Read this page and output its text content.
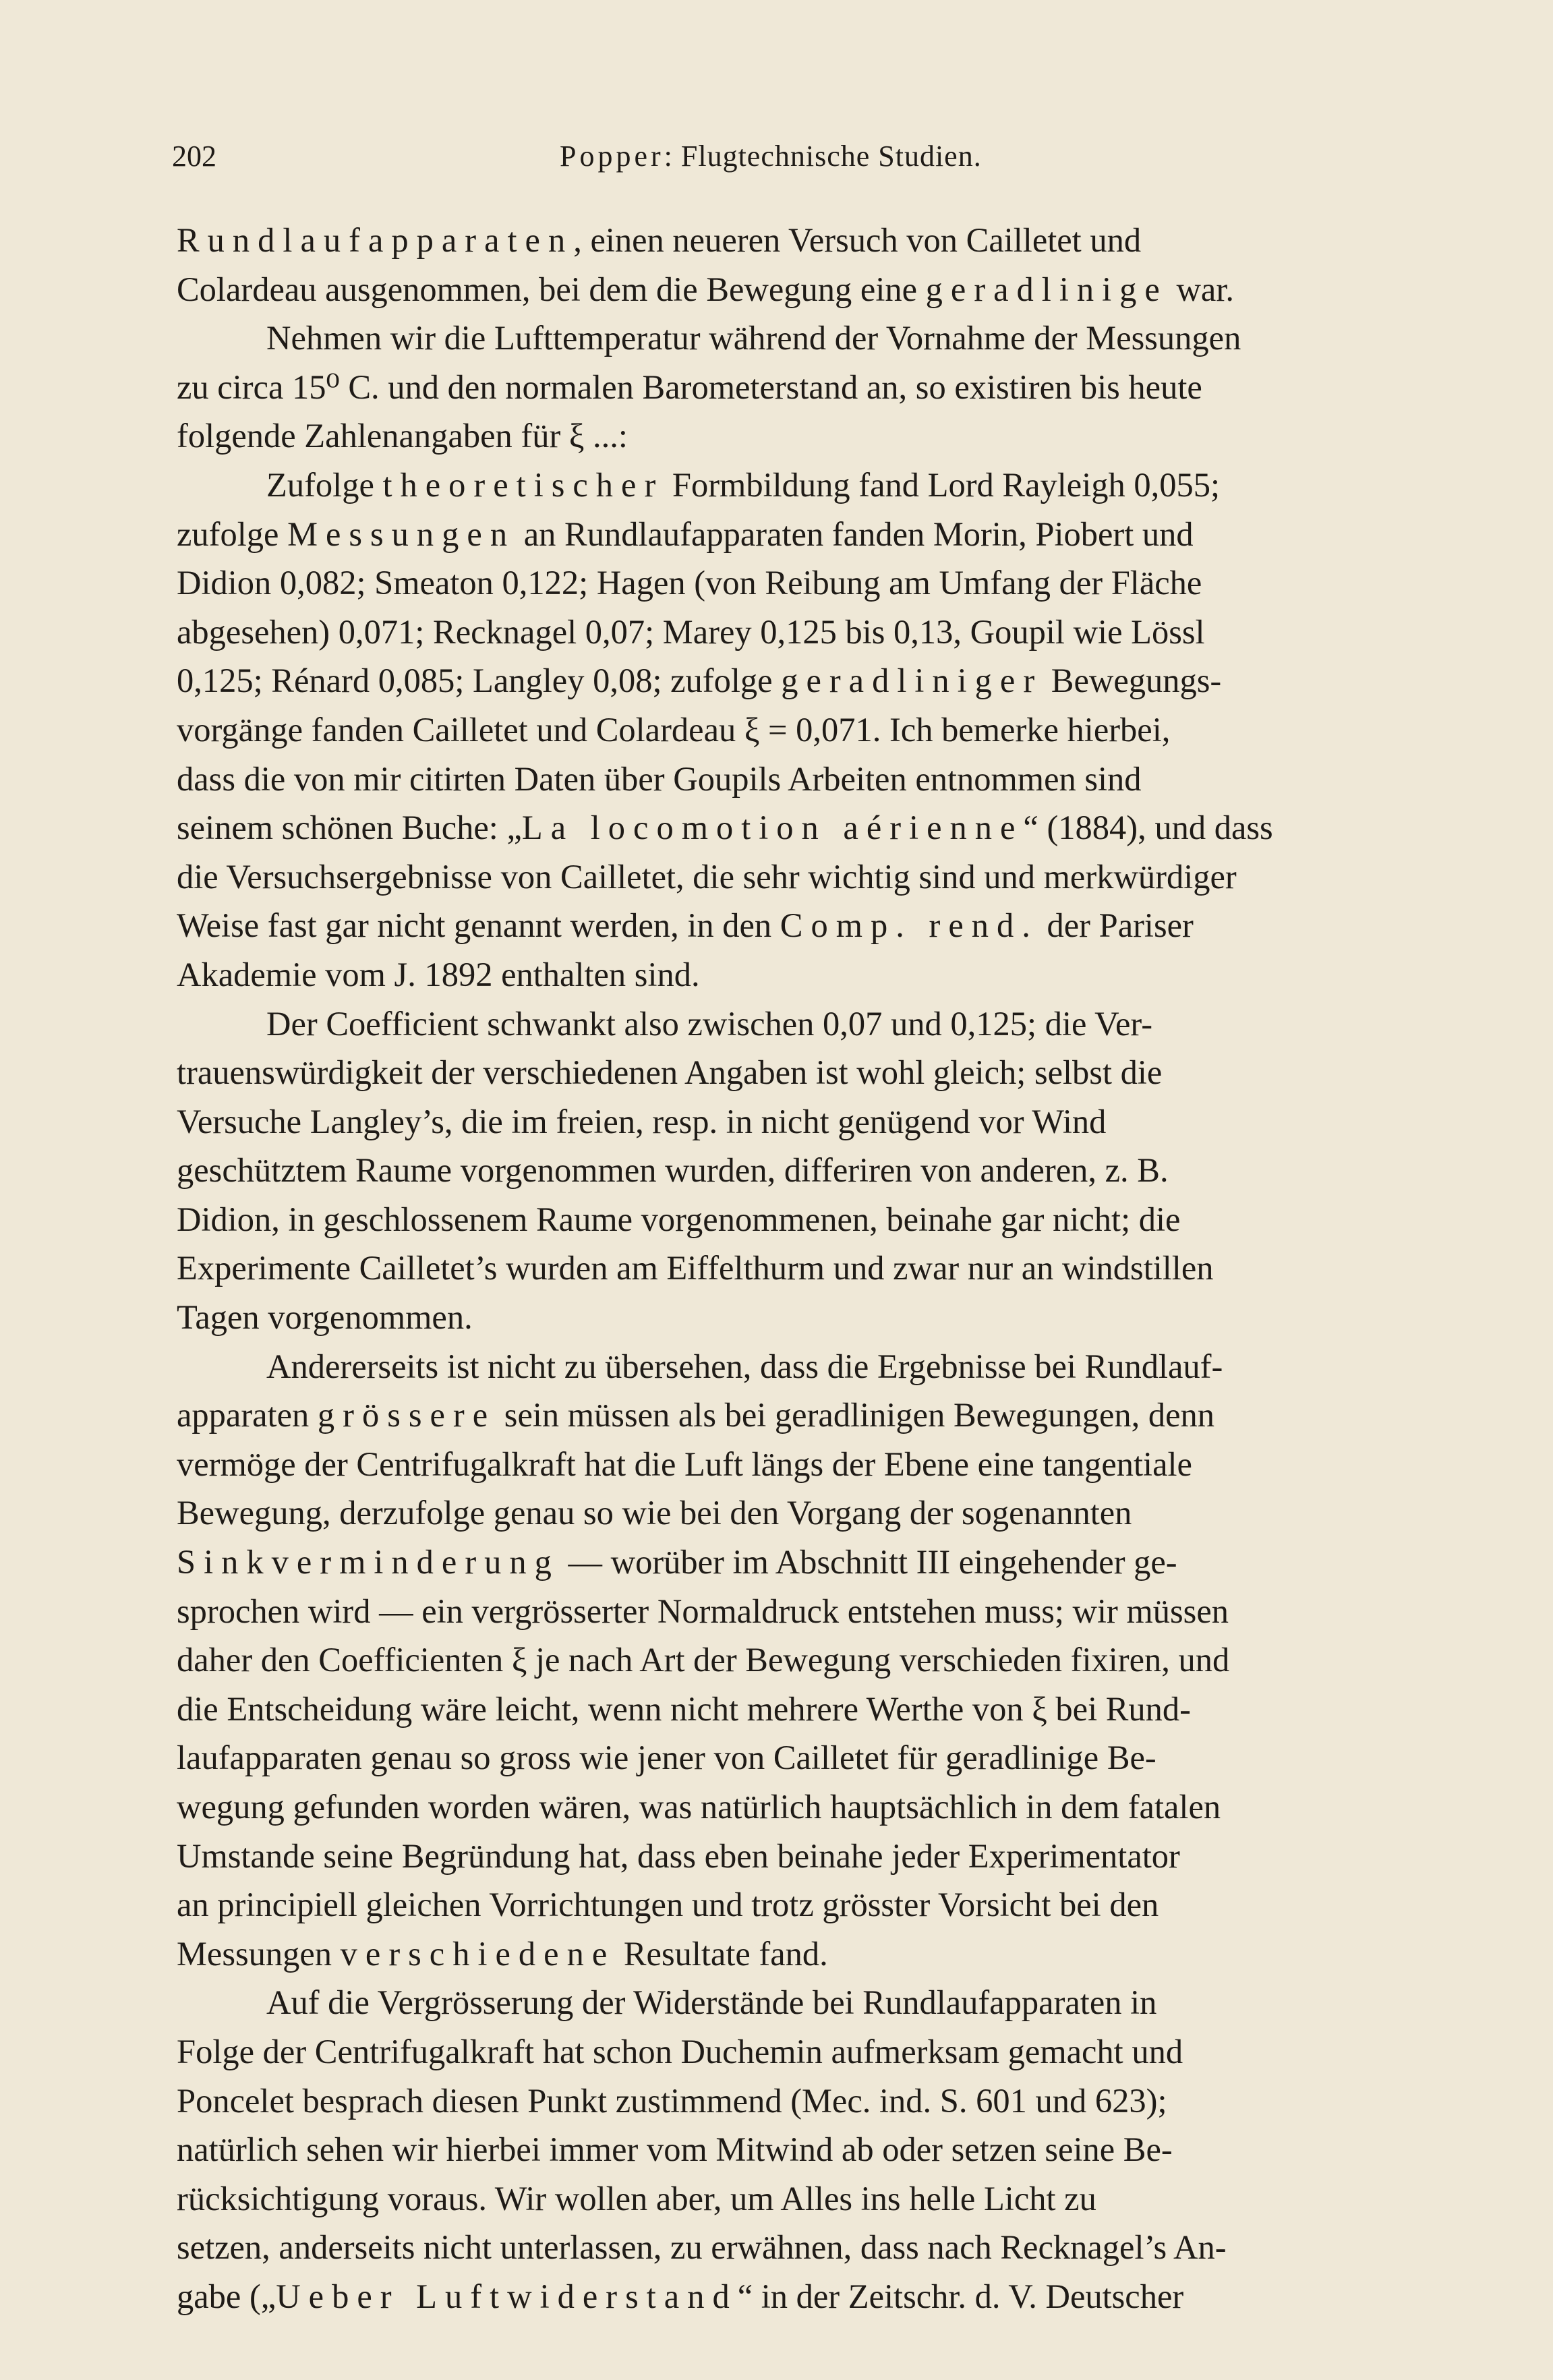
202	Popper: Flugtechnische Studien.

Rundlaufapparaten, einen neueren Versuch von Cailletet und
Colardeau ausgenommen, bei dem die Bewegung eine geradlinige war.

Nehmen wir die Lufttemperatur während der Vornahme der Messungen
zu circa 15⁰ C. und den normalen Barometerstand an, so existiren bis heute
folgende Zahlenangaben für ξ ...:

Zufolge theoretischer Formbildung fand Lord Rayleigh 0,055;
zufolge Messungen an Rundlaufapparaten fanden Morin, Piobert und
Didion 0,082; Smeaton 0,122; Hagen (von Reibung am Umfang der Fläche
abgesehen) 0,071; Recknagel 0,07; Marey 0,125 bis 0,13, Goupil wie Lössl
0,125; Rénard 0,085; Langley 0,08; zufolge geradliniger Bewegungs-
vorgänge fanden Cailletet und Colardeau ξ = 0,071. Ich bemerke hierbei,
dass die von mir citirten Daten über Goupils Arbeiten entnommen sind
seinem schönen Buche: „La locomotion aérienne“ (1884), und dass
die Versuchsergebnisse von Cailletet, die sehr wichtig sind und merkwürdiger
Weise fast gar nicht genannt werden, in den Comp. rend. der Pariser
Akademie vom J. 1892 enthalten sind.

Der Coefficient schwankt also zwischen 0,07 und 0,125; die Ver-
trauenswürdigkeit der verschiedenen Angaben ist wohl gleich; selbst die
Versuche Langley’s, die im freien, resp. in nicht genügend vor Wind
geschütztem Raume vorgenommen wurden, differiren von anderen, z. B.
Didion, in geschlossenem Raume vorgenommenen, beinahe gar nicht; die
Experimente Cailletet’s wurden am Eiffelthurm und zwar nur an windstillen
Tagen vorgenommen.

Andererseits ist nicht zu übersehen, dass die Ergebnisse bei Rundlauf-
apparaten grössere sein müssen als bei geradlinigen Bewegungen, denn
vermöge der Centrifugalkraft hat die Luft längs der Ebene eine tangentiale
Bewegung, derzufolge genau so wie bei den Vorgang der sogenannten
Sinkverminderung — worüber im Abschnitt III eingehender ge-
sprochen wird — ein vergrösserter Normaldruck entstehen muss; wir müssen
daher den Coefficienten ξ je nach Art der Bewegung verschieden fixiren, und
die Entscheidung wäre leicht, wenn nicht mehrere Werthe von ξ bei Rund-
laufapparaten genau so gross wie jener von Cailletet für geradlinige Be-
wegung gefunden worden wären, was natürlich hauptsächlich in dem fatalen
Umstande seine Begründung hat, dass eben beinahe jeder Experimentator
an principiell gleichen Vorrichtungen und trotz grösster Vorsicht bei den
Messungen verschiedene Resultate fand.

Auf die Vergrösserung der Widerstände bei Rundlaufapparaten in
Folge der Centrifugalkraft hat schon Duchemin aufmerksam gemacht und
Poncelet besprach diesen Punkt zustimmend (Mec. ind. S. 601 und 623);
natürlich sehen wir hierbei immer vom Mitwind ab oder setzen seine Be-
rücksichtigung voraus. Wir wollen aber, um Alles ins helle Licht zu
setzen, anderseits nicht unterlassen, zu erwähnen, dass nach Recknagel’s An-
gabe („Ueber Luftwiderstand“ in der Zeitschr. d. V. Deutscher
